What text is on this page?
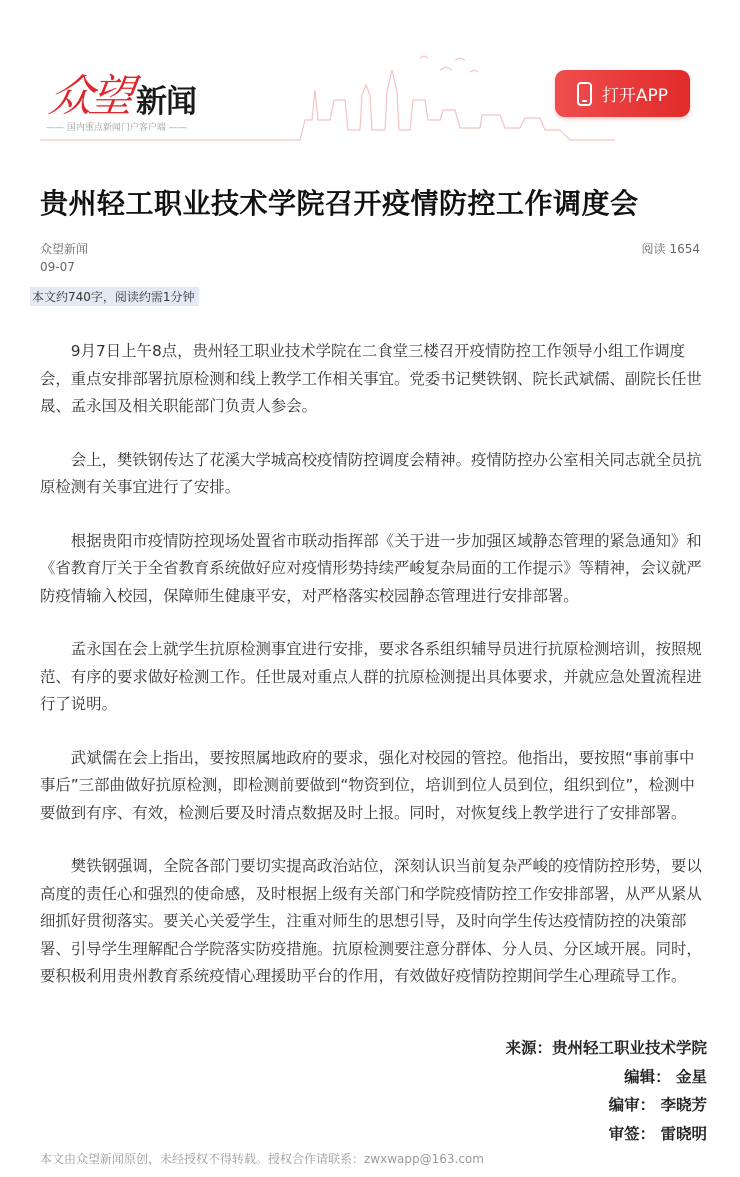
众望 新闻
—— 国内重点新闻门户客户端 ——
打开APP
贵州轻工职业技术学院召开疫情防控工作调度会
众望新闻
09-07
阅读 1654
本文约740字，阅读约需1分钟

9月7日上午8点，贵州轻工职业技术学院在二食堂三楼召开疫情防控工作领导小组工作调度会，重点安排部署抗原检测和线上教学工作相关事宜。党委书记樊铁钢、院长武斌儒、副院长任世晟、孟永国及相关职能部门负责人参会。

会上，樊铁钢传达了花溪大学城高校疫情防控调度会精神。疫情防控办公室相关同志就全员抗原检测有关事宜进行了安排。

根据贵阳市疫情防控现场处置省市联动指挥部《关于进一步加强区域静态管理的紧急通知》和《省教育厅关于全省教育系统做好应对疫情形势持续严峻复杂局面的工作提示》等精神，会议就严防疫情输入校园，保障师生健康平安，对严格落实校园静态管理进行安排部署。

孟永国在会上就学生抗原检测事宜进行安排，要求各系组织辅导员进行抗原检测培训，按照规范、有序的要求做好检测工作。任世晟对重点人群的抗原检测提出具体要求，并就应急处置流程进行了说明。

武斌儒在会上指出，要按照属地政府的要求，强化对校园的管控。他指出，要按照“事前事中事后”三部曲做好抗原检测，即检测前要做到“物资到位，培训到位人员到位，组织到位”，检测中要做到有序、有效，检测后要及时清点数据及时上报。同时，对恢复线上教学进行了安排部署。

樊铁钢强调，全院各部门要切实提高政治站位，深刻认识当前复杂严峻的疫情防控形势，要以高度的责任心和强烈的使命感，及时根据上级有关部门和学院疫情防控工作安排部署，从严从紧从细抓好贯彻落实。要关心关爱学生，注重对师生的思想引导，及时向学生传达疫情防控的决策部署、引导学生理解配合学院落实防疫措施。抗原检测要注意分群体、分人员、分区域开展。同时，要积极利用贵州教育系统疫情心理援助平台的作用，有效做好疫情防控期间学生心理疏导工作。

来源：贵州轻工职业技术学院
编辑： 金星
编审： 李晓芳
审签： 雷晓明
本文由众望新闻原创，未经授权不得转载。授权合作请联系：zwxwapp@163.com
